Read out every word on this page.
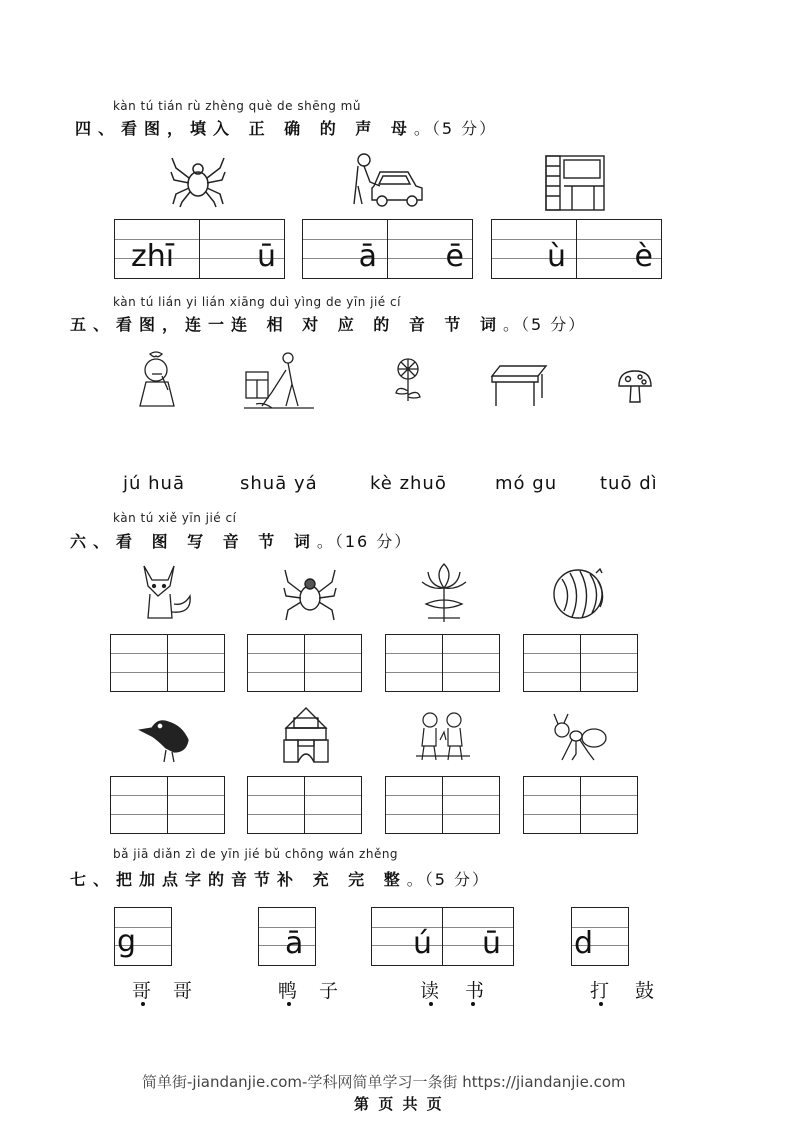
kàn tú tián rù zhèng què de shēng mǔ
四、看图，填入 正 确 的 声 母。（5 分）
zhī	ū	ā ē	ù è
kàn tú lián yi lián xiāng duì yìng de yīn jié cí
五、看图，连一连 相 对 应 的 音 节 词。（5 分）
jú huā	shuā yá	kè zhuō	mó gu tuō dì
kàn tú xiě yīn jié cí
六、看 图 写 音 节 词。（16 分）
bǎ jiā diǎn zì de yīn jié bǔ chōng wán zhěng
七、把加点字的音节补 充 完 整。（5 分）
g	ā	ú ū d
哥 哥	鸭 子	读 书	打 鼓
简单街-jiandanjie.com-学科网简单学习一条街 https://jiandanjie.com
第 页 共 页
